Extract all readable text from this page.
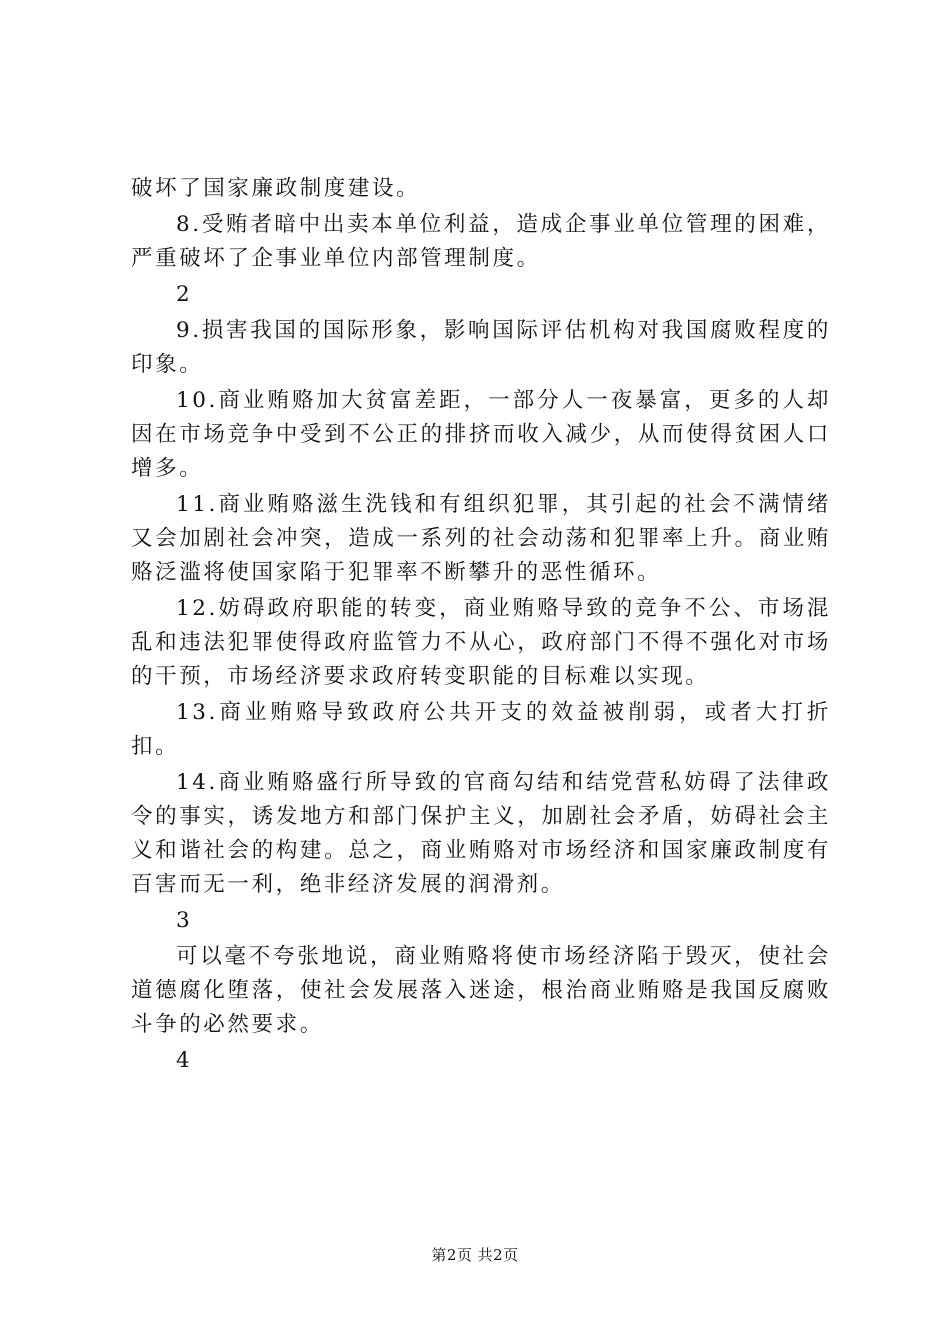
破坏了国家廉政制度建设。

8.受贿者暗中出卖本单位利益，造成企事业单位管理的困难，严重破坏了企事业单位内部管理制度。

2

9.损害我国的国际形象，影响国际评估机构对我国腐败程度的印象。

10.商业贿赂加大贫富差距，一部分人一夜暴富，更多的人却因在市场竞争中受到不公正的排挤而收入减少，从而使得贫困人口增多。

11.商业贿赂滋生洗钱和有组织犯罪，其引起的社会不满情绪又会加剧社会冲突，造成一系列的社会动荡和犯罪率上升。商业贿赂泛滥将使国家陷于犯罪率不断攀升的恶性循环。

12.妨碍政府职能的转变，商业贿赂导致的竞争不公、市场混乱和违法犯罪使得政府监管力不从心，政府部门不得不强化对市场的干预，市场经济要求政府转变职能的目标难以实现。

13.商业贿赂导致政府公共开支的效益被削弱，或者大打折扣。

14.商业贿赂盛行所导致的官商勾结和结党营私妨碍了法律政令的事实，诱发地方和部门保护主义，加剧社会矛盾，妨碍社会主义和谐社会的构建。总之，商业贿赂对市场经济和国家廉政制度有百害而无一利，绝非经济发展的润滑剂。

3

可以毫不夸张地说，商业贿赂将使市场经济陷于毁灭，使社会道德腐化堕落，使社会发展落入迷途，根治商业贿赂是我国反腐败斗争的必然要求。

4

第2页 共2页
